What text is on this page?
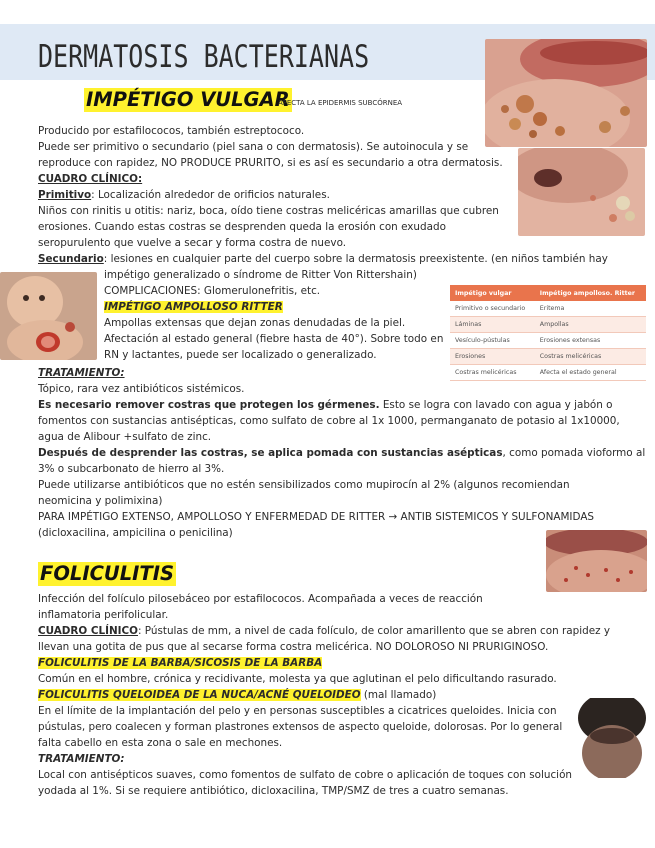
DERMATOSIS BACTERIANAS
IMPÉTIGO VULGAR
AFECTA LA EPIDERMIS SUBCÓRNEA
Producido por estafilococos, también estreptococo.
Puede ser primitivo o secundario (piel sana o con dermatosis). Se autoinocula y se
reproduce con rapidez, NO PRODUCE PRURITO, si es así es secundario a otra dermatosis.
CUADRO CLÍNICO:
Primitivo: Localización alrededor de orificios naturales.
Niños con rinitis u otitis: nariz, boca, oído tiene costras melicéricas amarillas que cubren
erosiones. Cuando estas costras se desprenden queda la erosión con exudado
seropurulento que vuelve a secar y forma costra de nuevo.
Secundario: lesiones en cualquier parte del cuerpo sobre la dermatosis preexistente. (en niños también hay
impétigo generalizado o síndrome de Ritter Von Rittershain)
COMPLICACIONES: Glomerulonefritis, etc.
IMPÉTIGO AMPOLLOSO RITTER
Ampollas extensas que dejan zonas denudadas de la piel.
Afectación al estado general (fiebre hasta de 40°). Sobre todo en
RN y lactantes, puede ser localizado o generalizado.
Impétigo vulgar	Impétigo ampolloso. Ritter
Primitivo o secundario	Eritema
Láminas	Ampollas
Vesículo-pústulas	Erosiones extensas
Erosiones	Costras melicéricas
Costras melicéricas	Afecta el estado general
TRATAMIENTO:
Tópico, rara vez antibióticos sistémicos.
Es necesario remover costras que protegen los gérmenes. Esto se logra con lavado con agua y jabón o
fomentos con sustancias antisépticas, como sulfato de cobre al 1x 1000, permanganato de potasio al 1x10000,
agua de Alibour +sulfato de zinc.
Después de desprender las costras, se aplica pomada con sustancias asépticas, como pomada vioformo al
3% o subcarbonato de hierro al 3%.
Puede utilizarse antibióticos que no estén sensibilizados como mupirocín al 2% (algunos recomiendan
neomicina y polimixina)
PARA IMPÉTIGO EXTENSO, AMPOLLOSO Y ENFERMEDAD DE RITTER → ANTIB SISTEMICOS Y SULFONAMIDAS
(dicloxacilina, ampicilina o penicilina)
FOLICULITIS
Infección del folículo pilosebáceo por estafilococos. Acompañada a veces de reacción
inflamatoria perifolicular.
CUADRO CLÍNICO: Pústulas de mm, a nivel de cada folículo, de color amarillento que se abren con rapidez y
llevan una gotita de pus que al secarse forma costra melicérica. NO DOLOROSO NI PRURIGINOSO.
FOLICULITIS DE LA BARBA/SICOSIS DE LA BARBA
Común en el hombre, crónica y recidivante, molesta ya que aglutinan el pelo dificultando rasurado.
FOLICULITIS QUELOIDEA DE LA NUCA/ACNÉ QUELOIDEO (mal llamado)
En el límite de la implantación del pelo y en personas susceptibles a cicatrices queloides. Inicia con
pústulas, pero coalecen y forman plastrones extensos de aspecto queloide, dolorosas. Por lo general
falta cabello en esta zona o sale en mechones.
TRATAMIENTO:
Local con antisépticos suaves, como fomentos de sulfato de cobre o aplicación de toques con solución
yodada al 1%. Si se requiere antibiótico, dicloxacilina, TMP/SMZ de tres a cuatro semanas.
